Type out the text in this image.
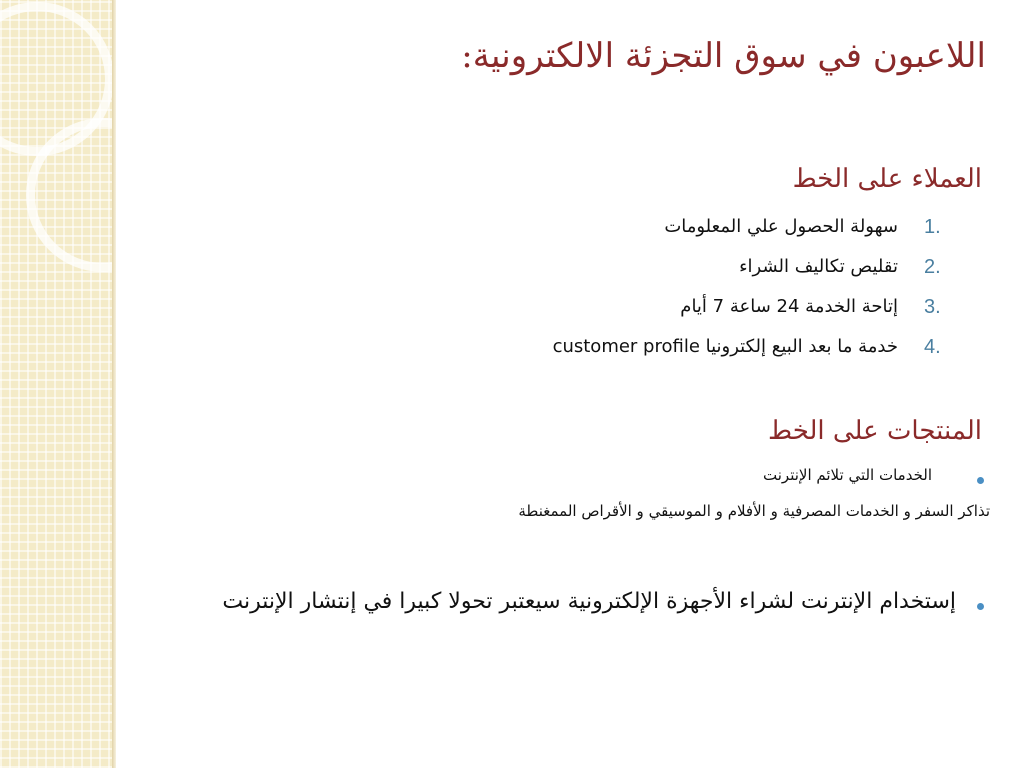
اللاعبون في سوق التجزئة الالكترونية:
العملاء على الخط
1.
سهولة الحصول علي المعلومات
2.
تقليص تكاليف الشراء
3.
إتاحة الخدمة 24 ساعة 7 أيام
4.
خدمة ما بعد البيع إلكترونيا customer profile
المنتجات على الخط
الخدمات التي تلائم الإنترنت
تذاكر السفر و الخدمات المصرفية و الأفلام و الموسيقي و الأقراص الممغنطة
إستخدام الإنترنت لشراء الأجهزة الإلكترونية سيعتبر تحولا كبيرا في إنتشار الإنترنت
